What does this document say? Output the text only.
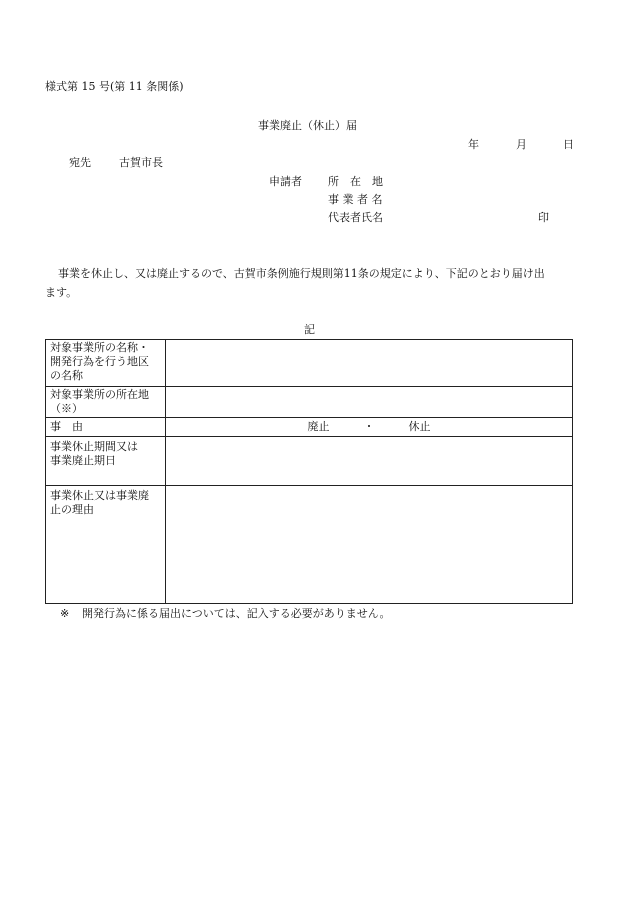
様式第 15 号(第 11 条関係)
事業廃止（休止）届
年	月	日
宛先	古賀市長
申請者 所　在　地
事 業 者 名
代表者氏名	印
事業を休止し、又は廃止するので、古賀市条例施行規則第11条の規定により、下記のとおり届け出
ます。
記
対象事業所の名称・
開発行為を行う地区
の名称	

対象事業所の所在地
（※）	

事　由	廃止 ・ 休止

事業休止期間又は
事業廃止期日	

事業休止又は事業廃
止の理由	

※ 開発行為に係る届出については、記入する必要がありません。
